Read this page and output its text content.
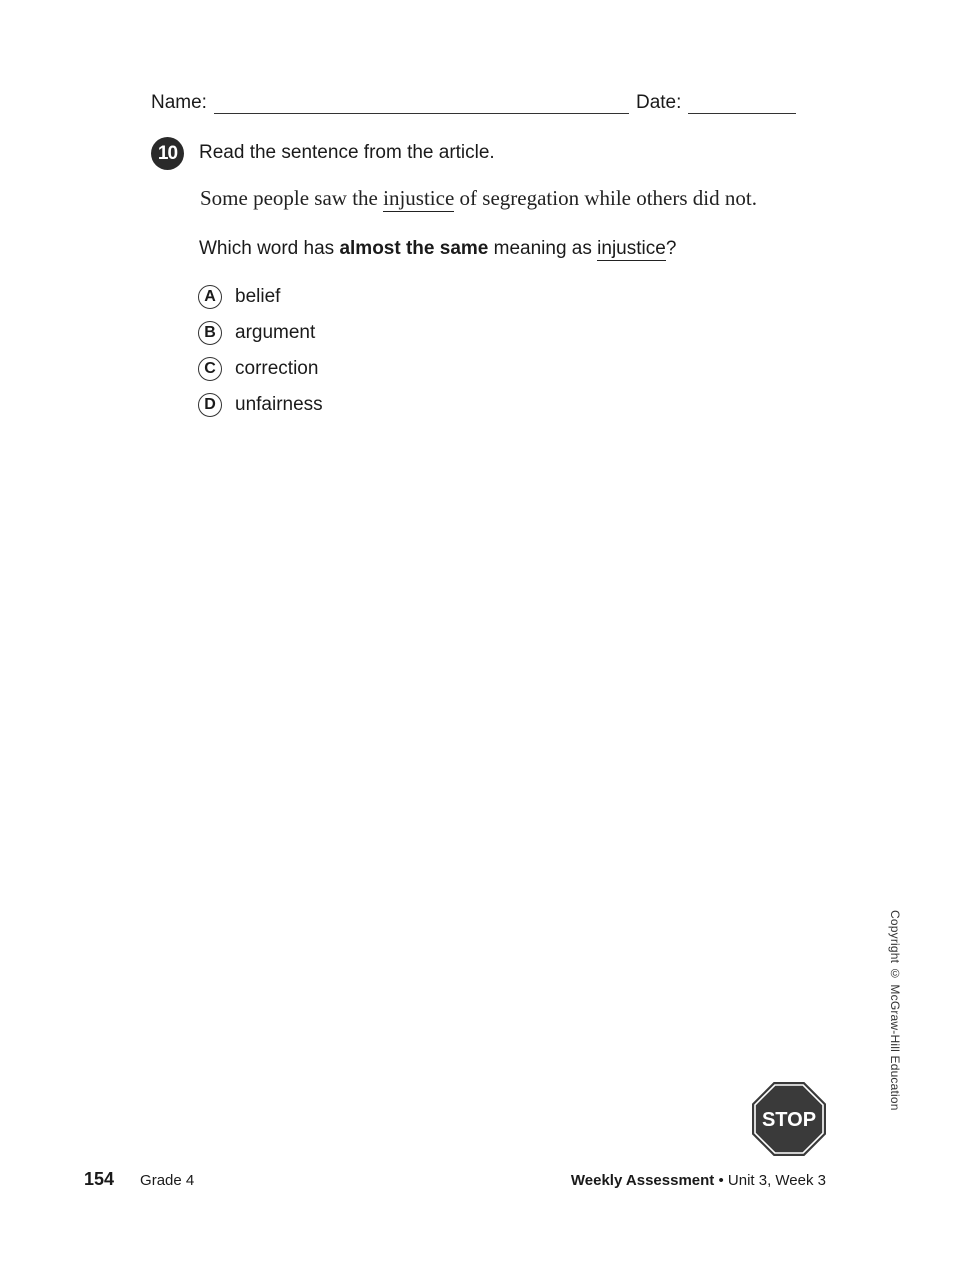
Name:	Date:
10	Read the sentence from the article.
Some people saw the injustice of segregation while others did not.
Which word has almost the same meaning as injustice?
A	belief
B	argument
C	correction
D	unfairness
Copyright © McGraw-Hill Education
STOP
154 Grade 4	Weekly Assessment • Unit 3, Week 3
